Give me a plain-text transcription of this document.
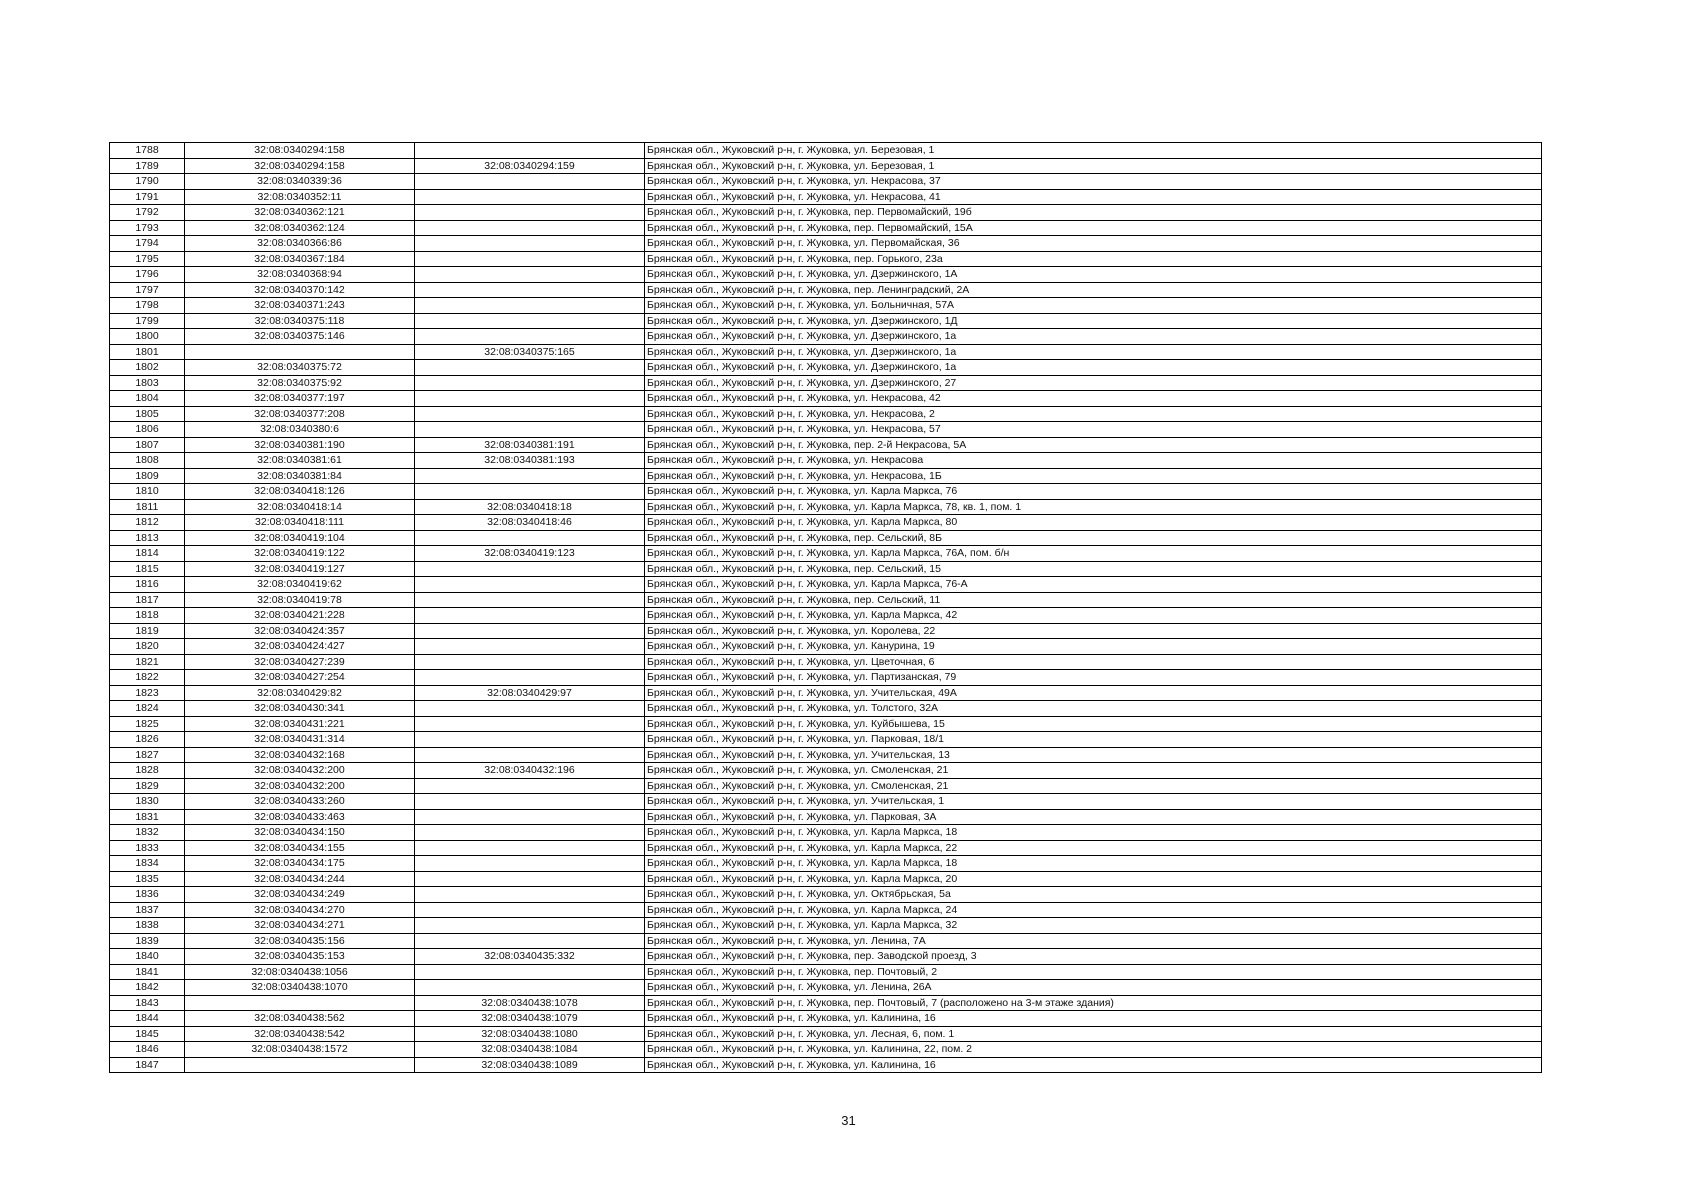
1788	32:08:0340294:158		Брянская обл., Жуковский р-н, г. Жуковка, ул. Березовая, 1
1789	32:08:0340294:158	32:08:0340294:159	Брянская обл., Жуковский р-н, г. Жуковка, ул. Березовая, 1
1790	32:08:0340339:36		Брянская обл., Жуковский р-н, г. Жуковка, ул. Некрасова, 37
1791	32:08:0340352:11		Брянская обл., Жуковский р-н, г. Жуковка, ул. Некрасова, 41
1792	32:08:0340362:121		Брянская обл., Жуковский р-н, г. Жуковка, пер. Первомайский, 19б
1793	32:08:0340362:124		Брянская обл., Жуковский р-н, г. Жуковка, пер. Первомайский, 15А
1794	32:08:0340366:86		Брянская обл., Жуковский р-н, г. Жуковка, ул. Первомайская, 36
1795	32:08:0340367:184		Брянская обл., Жуковский р-н, г. Жуковка, пер. Горького, 23а
1796	32:08:0340368:94		Брянская обл., Жуковский р-н, г. Жуковка, ул. Дзержинского, 1А
1797	32:08:0340370:142		Брянская обл., Жуковский р-н, г. Жуковка, пер. Ленинградский, 2А
1798	32:08:0340371:243		Брянская обл., Жуковский р-н, г. Жуковка, ул. Больничная, 57А
1799	32:08:0340375:118		Брянская обл., Жуковский р-н, г. Жуковка, ул. Дзержинского, 1Д
1800	32:08:0340375:146		Брянская обл., Жуковский р-н, г. Жуковка, ул. Дзержинского, 1а
1801		32:08:0340375:165	Брянская обл., Жуковский р-н, г. Жуковка, ул. Дзержинского, 1а
1802	32:08:0340375:72		Брянская обл., Жуковский р-н, г. Жуковка, ул. Дзержинского, 1а
1803	32:08:0340375:92		Брянская обл., Жуковский р-н, г. Жуковка, ул. Дзержинского, 27
1804	32:08:0340377:197		Брянская обл., Жуковский р-н, г. Жуковка, ул. Некрасова, 42
1805	32:08:0340377:208		Брянская обл., Жуковский р-н, г. Жуковка, ул. Некрасова, 2
1806	32:08:0340380:6		Брянская обл., Жуковский р-н, г. Жуковка, ул. Некрасова, 57
1807	32:08:0340381:190	32:08:0340381:191	Брянская обл., Жуковский р-н, г. Жуковка, пер. 2-й Некрасова, 5А
1808	32:08:0340381:61	32:08:0340381:193	Брянская обл., Жуковский р-н, г. Жуковка, ул. Некрасова
1809	32:08:0340381:84		Брянская обл., Жуковский р-н, г. Жуковка, ул. Некрасова, 1Б
1810	32:08:0340418:126		Брянская обл., Жуковский р-н, г. Жуковка, ул. Карла Маркса, 76
1811	32:08:0340418:14	32:08:0340418:18	Брянская обл., Жуковский р-н, г. Жуковка, ул. Карла Маркса, 78, кв. 1, пом. 1
1812	32:08:0340418:111	32:08:0340418:46	Брянская обл., Жуковский р-н, г. Жуковка, ул. Карла Маркса, 80
1813	32:08:0340419:104		Брянская обл., Жуковский р-н, г. Жуковка, пер. Сельский, 8Б
1814	32:08:0340419:122	32:08:0340419:123	Брянская обл., Жуковский р-н, г. Жуковка, ул. Карла Маркса, 76А, пом. б/н
1815	32:08:0340419:127		Брянская обл., Жуковский р-н, г. Жуковка, пер. Сельский, 15
1816	32:08:0340419:62		Брянская обл., Жуковский р-н, г. Жуковка, ул. Карла Маркса, 76-А
1817	32:08:0340419:78		Брянская обл., Жуковский р-н, г. Жуковка, пер. Сельский, 11
1818	32:08:0340421:228		Брянская обл., Жуковский р-н, г. Жуковка, ул. Карла Маркса, 42
1819	32:08:0340424:357		Брянская обл., Жуковский р-н, г. Жуковка, ул. Королева, 22
1820	32:08:0340424:427		Брянская обл., Жуковский р-н, г. Жуковка, ул. Канурина, 19
1821	32:08:0340427:239		Брянская обл., Жуковский р-н, г. Жуковка, ул. Цветочная, 6
1822	32:08:0340427:254		Брянская обл., Жуковский р-н, г. Жуковка, ул. Партизанская, 79
1823	32:08:0340429:82	32:08:0340429:97	Брянская обл., Жуковский р-н, г. Жуковка, ул. Учительская, 49А
1824	32:08:0340430:341		Брянская обл., Жуковский р-н, г. Жуковка, ул. Толстого, 32А
1825	32:08:0340431:221		Брянская обл., Жуковский р-н, г. Жуковка, ул. Куйбышева, 15
1826	32:08:0340431:314		Брянская обл., Жуковский р-н, г. Жуковка, ул. Парковая, 18/1
1827	32:08:0340432:168		Брянская обл., Жуковский р-н, г. Жуковка, ул. Учительская, 13
1828	32:08:0340432:200	32:08:0340432:196	Брянская обл., Жуковский р-н, г. Жуковка, ул. Смоленская, 21
1829	32:08:0340432:200		Брянская обл., Жуковский р-н, г. Жуковка, ул. Смоленская, 21
1830	32:08:0340433:260		Брянская обл., Жуковский р-н, г. Жуковка, ул. Учительская, 1
1831	32:08:0340433:463		Брянская обл., Жуковский р-н, г. Жуковка, ул. Парковая, 3А
1832	32:08:0340434:150		Брянская обл., Жуковский р-н, г. Жуковка, ул. Карла Маркса, 18
1833	32:08:0340434:155		Брянская обл., Жуковский р-н, г. Жуковка, ул. Карла Маркса, 22
1834	32:08:0340434:175		Брянская обл., Жуковский р-н, г. Жуковка, ул. Карла Маркса, 18
1835	32:08:0340434:244		Брянская обл., Жуковский р-н, г. Жуковка, ул. Карла Маркса, 20
1836	32:08:0340434:249		Брянская обл., Жуковский р-н, г. Жуковка, ул. Октябрьская, 5а
1837	32:08:0340434:270		Брянская обл., Жуковский р-н, г. Жуковка, ул. Карла Маркса, 24
1838	32:08:0340434:271		Брянская обл., Жуковский р-н, г. Жуковка, ул. Карла Маркса, 32
1839	32:08:0340435:156		Брянская обл., Жуковский р-н, г. Жуковка, ул. Ленина, 7А
1840	32:08:0340435:153	32:08:0340435:332	Брянская обл., Жуковский р-н, г. Жуковка, пер. Заводской проезд, 3
1841	32:08:0340438:1056		Брянская обл., Жуковский р-н, г. Жуковка, пер. Почтовый, 2
1842	32:08:0340438:1070		Брянская обл., Жуковский р-н, г. Жуковка, ул. Ленина, 26А
1843		32:08:0340438:1078	Брянская обл., Жуковский р-н, г. Жуковка, пер. Почтовый, 7 (расположено на 3-м этаже здания)
1844	32:08:0340438:562	32:08:0340438:1079	Брянская обл., Жуковский р-н, г. Жуковка, ул. Калинина, 16
1845	32:08:0340438:542	32:08:0340438:1080	Брянская обл., Жуковский р-н, г. Жуковка, ул. Лесная, 6, пом. 1
1846	32:08:0340438:1572	32:08:0340438:1084	Брянская обл., Жуковский р-н, г. Жуковка, ул. Калинина, 22, пом. 2
1847		32:08:0340438:1089	Брянская обл., Жуковский р-н, г. Жуковка, ул. Калинина, 16
31
